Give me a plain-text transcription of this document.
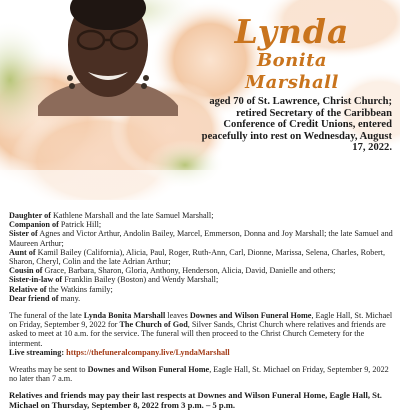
Lynda
Bonita
Marshall
aged 70 of St. Lawrence, Christ Church; retired Secretary of the Caribbean Conference of Credit Unions, entered peacefully into rest on Wednesday, August 17, 2022.

Daughter of Kathlene Marshall and the late Samuel Marshall;

Companion of Patrick Hill;

Sister of Agnes and Victor Arthur, Andolin Bailey, Marcel, Emmerson, Donna and Joy Marshall; the late Samuel and Maureen Arthur;

Aunt of Kamil Bailey (California), Alicia, Paul, Roger, Ruth-Ann, Carl, Dionne, Marissa, Selena, Charles, Robert, Sharon, Cheryl, Colin and the late Adrian Arthur;

Cousin of Grace, Barbara, Sharon, Gloria, Anthony, Henderson, Alicia, David, Danielle and others;

Sister-in-law of Franklin Bailey (Boston) and Wendy Marshall;

Relative of the Watkins family;

Dear friend of many.

The funeral of the late Lynda Bonita Marshall leaves Downes and Wilson Funeral Home, Eagle Hall, St. Michael on Friday, September 9, 2022 for The Church of God, Silver Sands, Christ Church where relatives and friends are asked to meet at 10 a.m. for the service. The funeral will then proceed to the Christ Church Cemetery for the interment.
Live streaming: https://thefuneralcompany.live/LyndaMarshall

Wreaths may be sent to Downes and Wilson Funeral Home, Eagle Hall, St. Michael on Friday, September 9, 2022 no later than 7 a.m.

Relatives and friends may pay their last respects at Downes and Wilson Funeral Home, Eagle Hall, St. Michael on Thursday, September 8, 2022 from 3 p.m. – 5 p.m.
